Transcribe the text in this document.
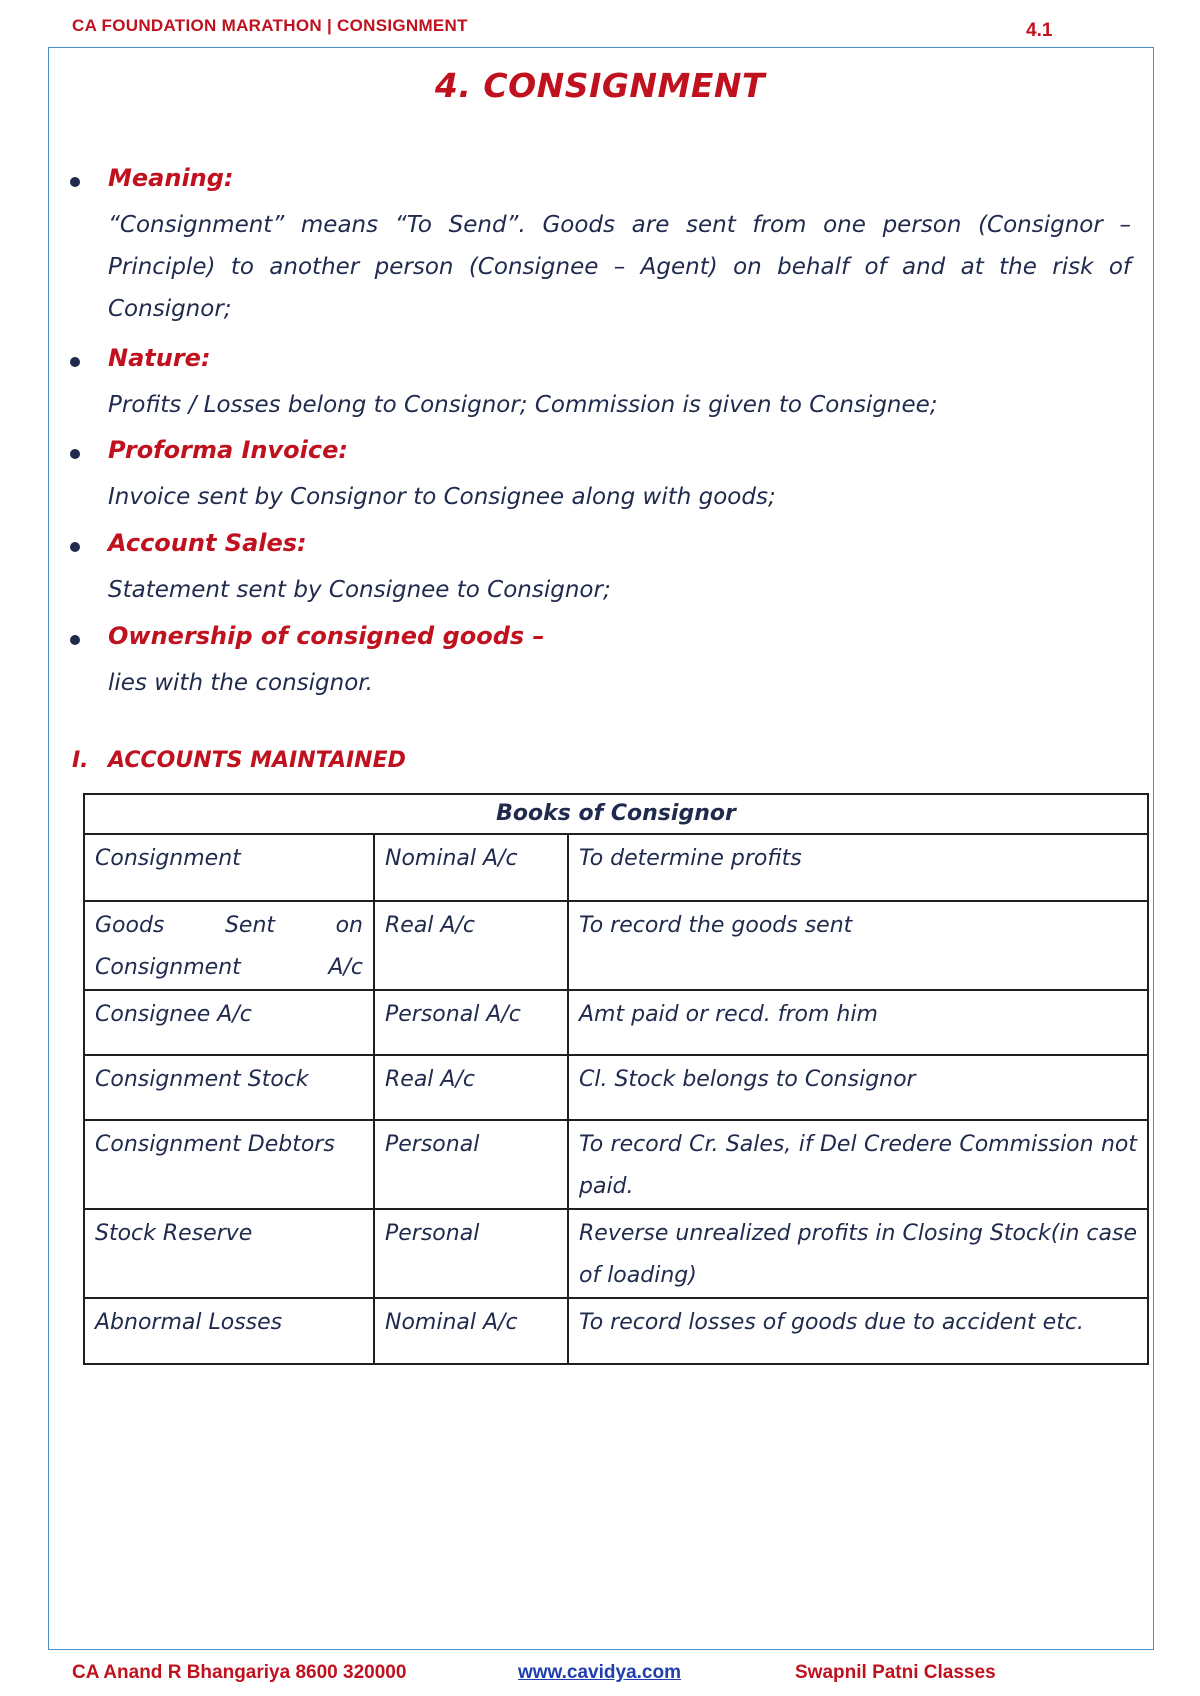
CA FOUNDATION MARATHON | CONSIGNMENT	4.1
4. CONSIGNMENT
Meaning:
“Consignment” means “To Send”. Goods are sent from one person (Consignor – Principle) to another person (Consignee – Agent) on behalf of and at the risk of Consignor;
Nature:
Profits / Losses belong to Consignor; Commission is given to Consignee;
Proforma Invoice:
Invoice sent by Consignor to Consignee along with goods;
Account Sales:
Statement sent by Consignee to Consignor;
Ownership of consigned goods –
lies with the consignor.
I. ACCOUNTS MAINTAINED
Books of Consignor		
Consignment	Nominal A/c	To determine profits
Goods Sent on Consignment A/c	Real A/c	To record the goods sent
Consignee A/c	Personal A/c	Amt paid or recd. from him
Consignment Stock	Real A/c	Cl. Stock belongs to Consignor
Consignment Debtors	Personal	To record Cr. Sales, if Del Credere Commission not paid.
Stock Reserve	Personal	Reverse unrealized profits in Closing Stock(in case of loading)
Abnormal Losses	Nominal A/c	To record losses of goods due to accident etc.
CA Anand R Bhangariya 8600 320000	www.cavidya.com	Swapnil Patni Classes
